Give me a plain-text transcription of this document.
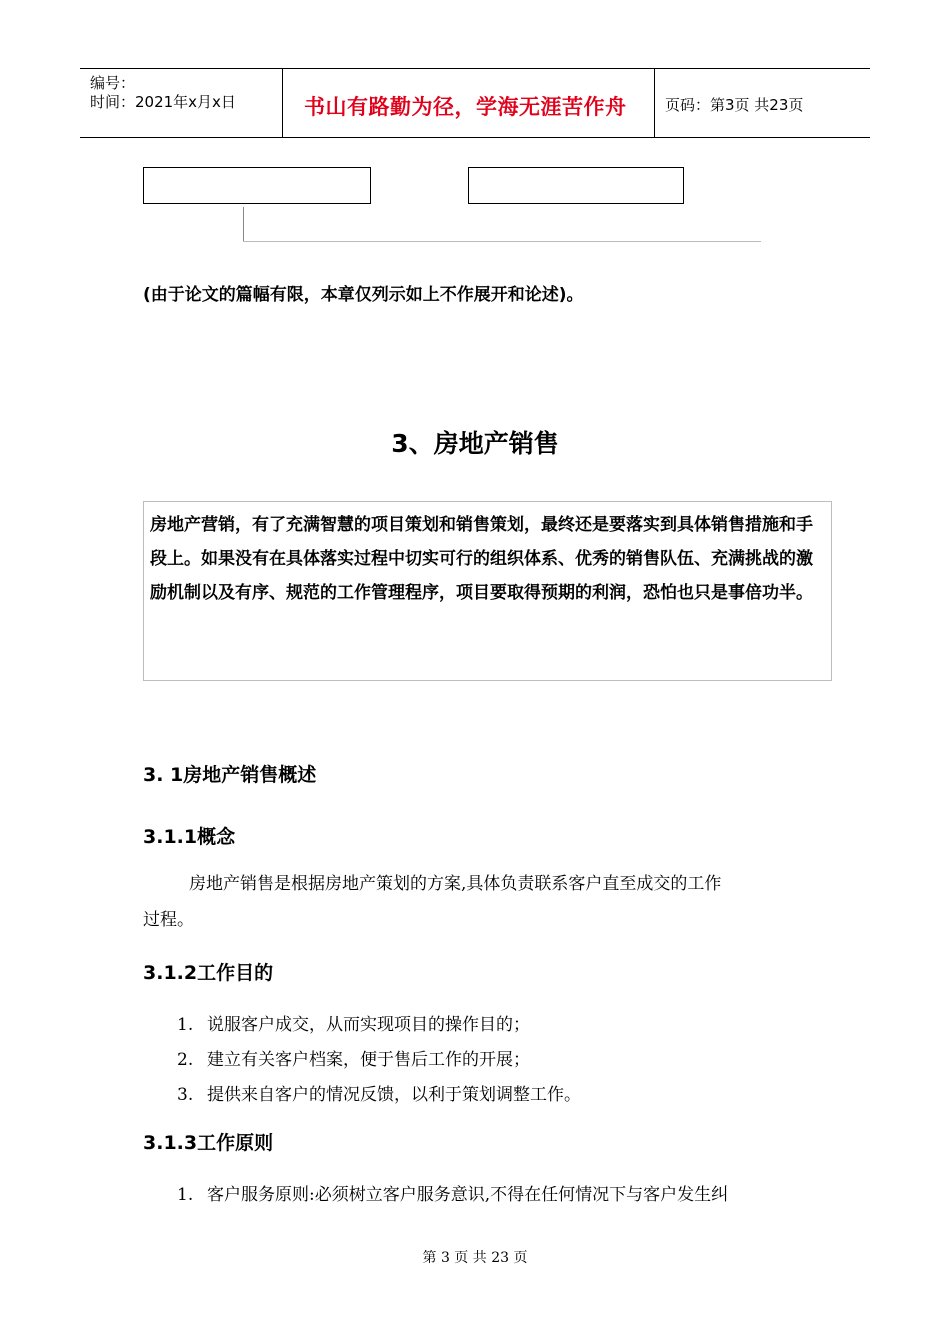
编号：
时间：2021年x月x日	书山有路勤为径，学海无涯苦作舟	页码：第3页 共23页
(由于论文的篇幅有限，本章仅列示如上不作展开和论述)。
3、房地产销售
房地产营销，有了充满智慧的项目策划和销售策划，最终还是要落实到具体销售措施和手段上。如果没有在具体落实过程中切实可行的组织体系、优秀的销售队伍、充满挑战的激励机制以及有序、规范的工作管理程序，项目要取得预期的利润，恐怕也只是事倍功半。
3. 1房地产销售概述
3.1.1概念
房地产销售是根据房地产策划的方案,具体负责联系客户直至成交的工作
过程。
3.1.2工作目的
1. 说服客户成交，从而实现项目的操作目的；
2. 建立有关客户档案，便于售后工作的开展；
3. 提供来自客户的情况反馈，以利于策划调整工作。
3.1.3工作原则
1. 客户服务原则:必须树立客户服务意识,不得在任何情况下与客户发生纠
第 3 页 共 23 页
